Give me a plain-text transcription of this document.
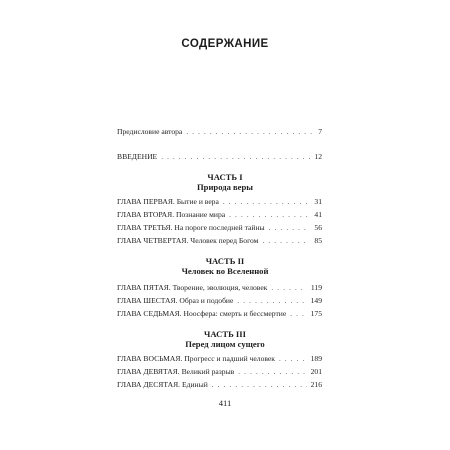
СОДЕРЖАНИЕ
Предисловие автора . . .	7
ВВЕДЕНИЕ . . .	12
ЧАСТЬ I
Природа веры
ГЛАВА ПЕРВАЯ. Бытие и вера . . .	31
ГЛАВА ВТОРАЯ. Познание мира . . .	41
ГЛАВА ТРЕТЬЯ. На пороге последней тайны . . .	56
ГЛАВА ЧЕТВЕРТАЯ. Человек перед Богом . . .	85
ЧАСТЬ II
Человек во Вселенной
ГЛАВА ПЯТАЯ. Творение, эволюция, человек . . .	119
ГЛАВА ШЕСТАЯ. Образ и подобие . . .	149
ГЛАВА СЕДЬМАЯ. Ноосфера: смерть и бессмертие . . .	175
ЧАСТЬ III
Перед лицом сущего
ГЛАВА ВОСЬМАЯ. Прогресс и падший человек . . .	189
ГЛАВА ДЕВЯТАЯ. Великий разрыв . . .	201
ГЛАВА ДЕСЯТАЯ. Единый . . .	216
411
